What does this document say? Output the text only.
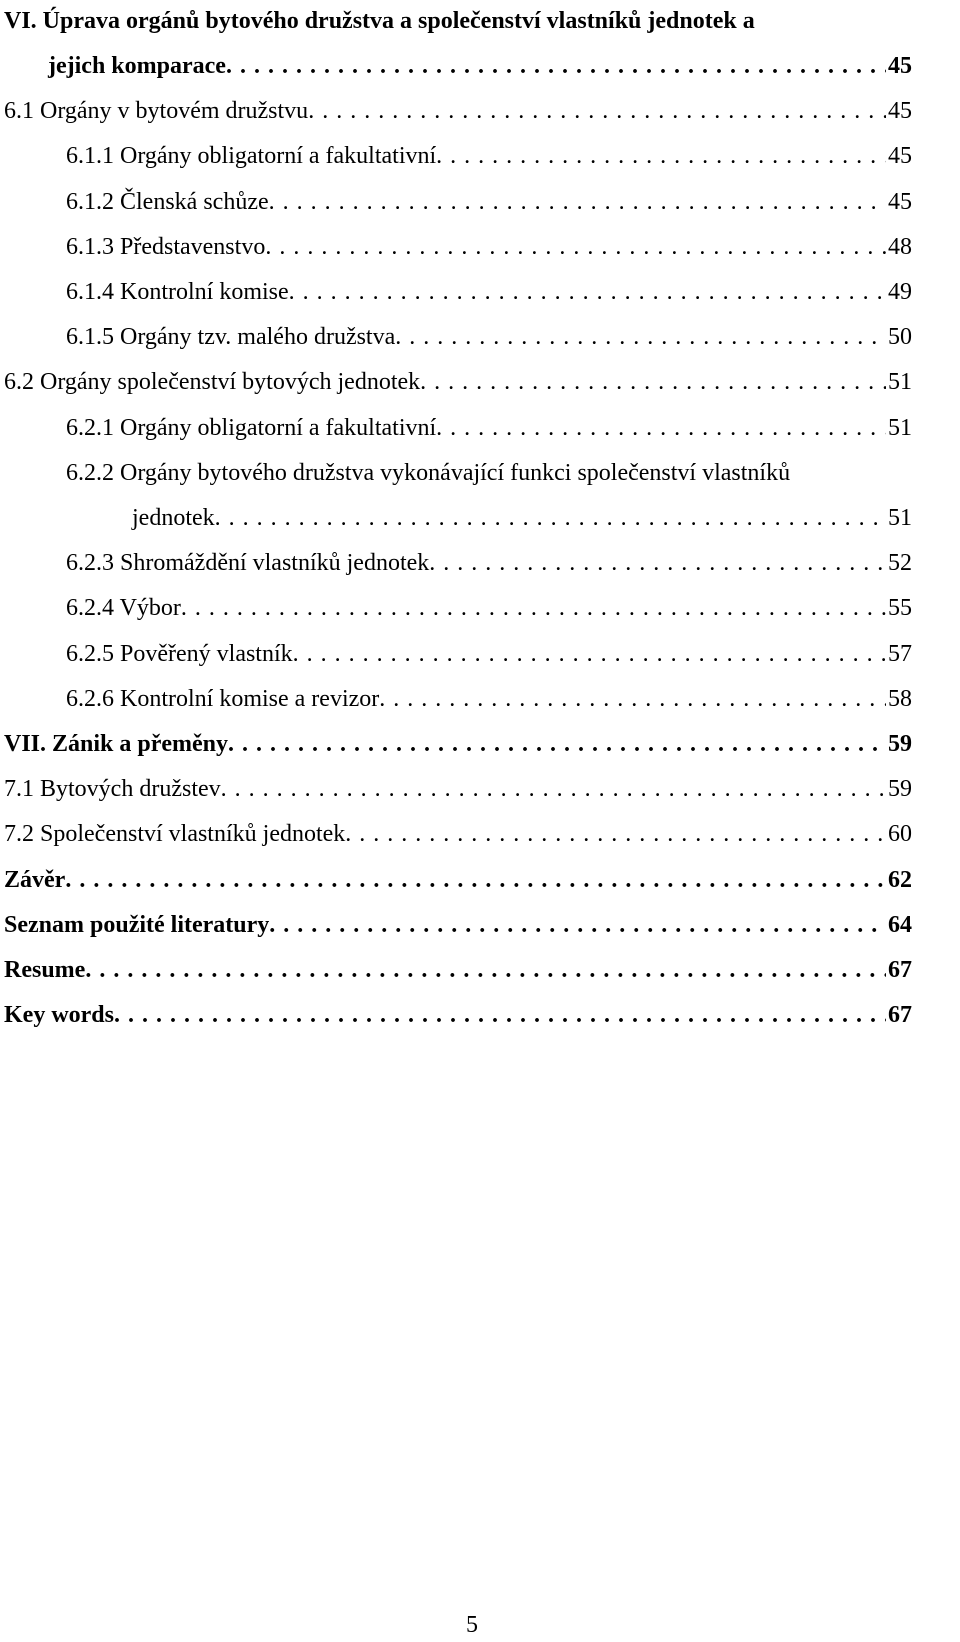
VI. Úprava orgánů bytového družstva a společenství vlastníků jednotek a

jejich komparace . . .	45
6.1 Orgány v bytovém družstvu . . .	45
6.1.1 Orgány obligatorní a fakultativní . . .	45
6.1.2 Členská schůze . . .	45
6.1.3 Představenstvo . . .	48
6.1.4 Kontrolní komise . . .	49
6.1.5 Orgány tzv. malého družstva . . .	50
6.2 Orgány společenství bytových jednotek . . .	51
6.2.1 Orgány obligatorní a fakultativní . . .	51

6.2.2 Orgány bytového družstva vykonávající funkci společenství vlastníků

jednotek . . .	51
6.2.3 Shromáždění vlastníků jednotek . . .	52
6.2.4 Výbor . . .	55
6.2.5 Pověřený vlastník . . .	57
6.2.6 Kontrolní komise a revizor . . .	58
VII. Zánik a přeměny . . .	59
7.1 Bytových družstev . . .	59
7.2 Společenství vlastníků jednotek . . .	60
Závěr . . .	62
Seznam použité literatury . . .	64
Resume . . .	67
Key words . . .	67
5
